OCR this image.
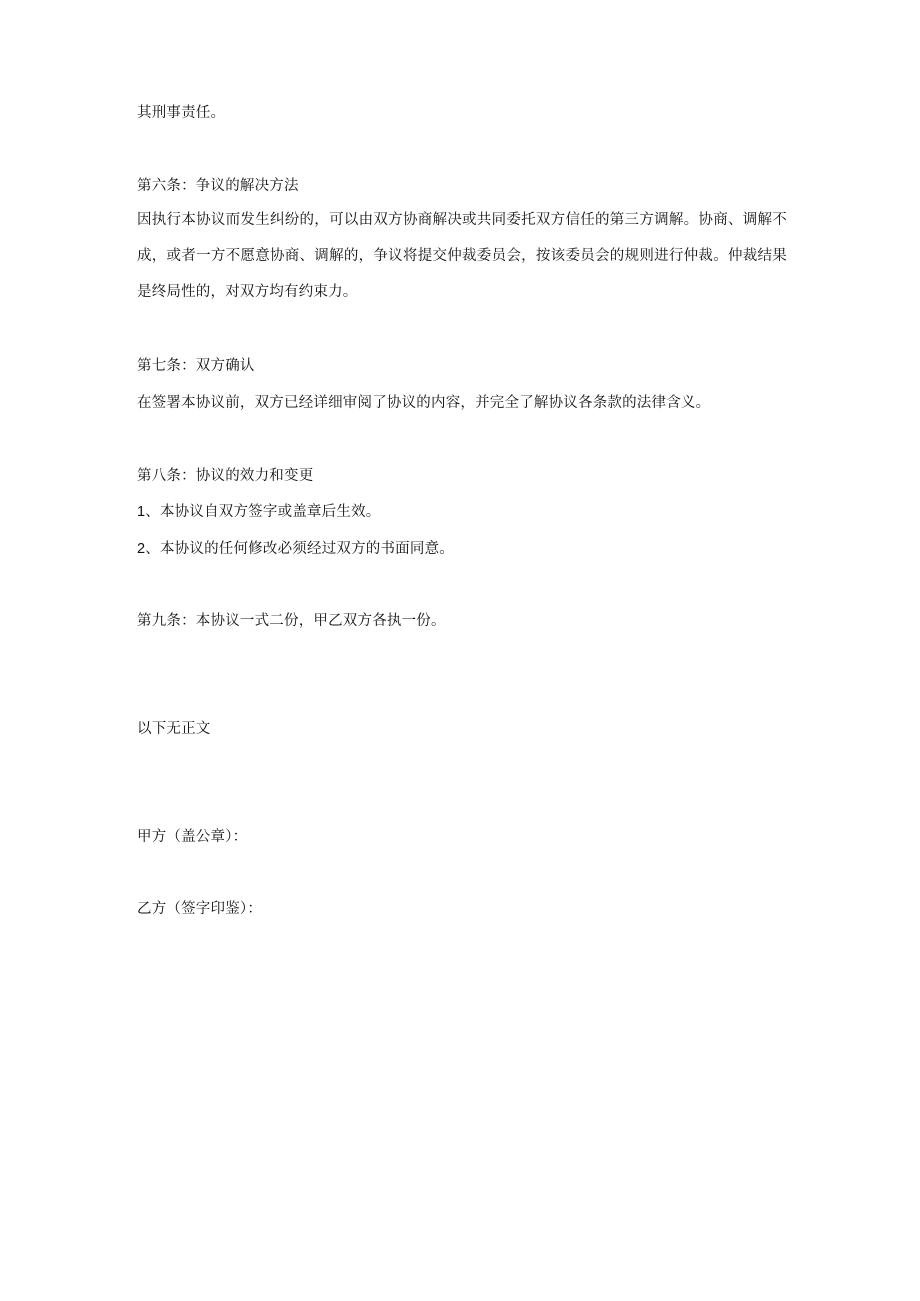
其刑事责任。
第六条：争议的解决方法
因执行本协议而发生纠纷的，可以由双方协商解决或共同委托双方信任的第三方调解。协商、调解不成，或者一方不愿意协商、调解的，争议将提交仲裁委员会，按该委员会的规则进行仲裁。仲裁结果是终局性的，对双方均有约束力。
第七条：双方确认
在签署本协议前，双方已经详细审阅了协议的内容，并完全了解协议各条款的法律含义。
第八条：协议的效力和变更
1、本协议自双方签字或盖章后生效。
2、本协议的任何修改必须经过双方的书面同意。
第九条：本协议一式二份，甲乙双方各执一份。
以下无正文
甲方（盖公章）：
乙方（签字印鉴）：
